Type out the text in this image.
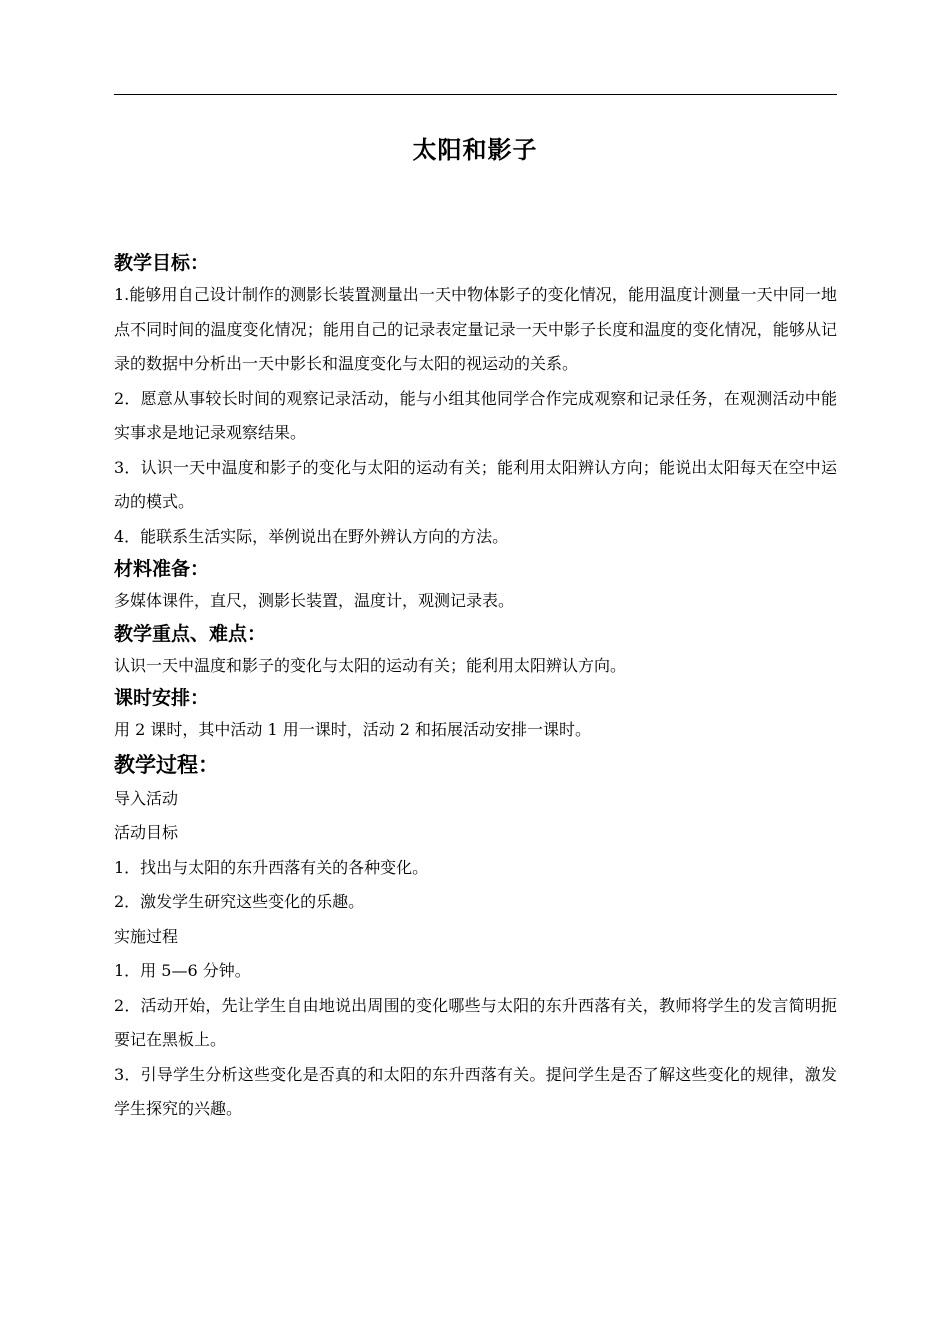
太阳和影子
教学目标：

1.能够用自己设计制作的测影长装置测量出一天中物体影子的变化情况，能用温度计测量一天中同一地点不同时间的温度变化情况；能用自己的记录表定量记录一天中影子长度和温度的变化情况，能够从记录的数据中分析出一天中影长和温度变化与太阳的视运动的关系。

2．愿意从事较长时间的观察记录活动，能与小组其他同学合作完成观察和记录任务，在观测活动中能实事求是地记录观察结果。

3．认识一天中温度和影子的变化与太阳的运动有关；能利用太阳辨认方向；能说出太阳每天在空中运动的模式。

4．能联系生活实际，举例说出在野外辨认方向的方法。

材料准备：

多媒体课件，直尺，测影长装置，温度计，观测记录表。

教学重点、难点：

认识一天中温度和影子的变化与太阳的运动有关；能利用太阳辨认方向。

课时安排：

用 2 课时，其中活动 1 用一课时，活动 2 和拓展活动安排一课时。

教学过程：

导入活动

活动目标

1．找出与太阳的东升西落有关的各种变化。

2．激发学生研究这些变化的乐趣。

实施过程

1．用 5—6 分钟。

2．活动开始，先让学生自由地说出周围的变化哪些与太阳的东升西落有关，教师将学生的发言简明扼要记在黑板上。

3．引导学生分析这些变化是否真的和太阳的东升西落有关。提问学生是否了解这些变化的规律，激发学生探究的兴趣。
